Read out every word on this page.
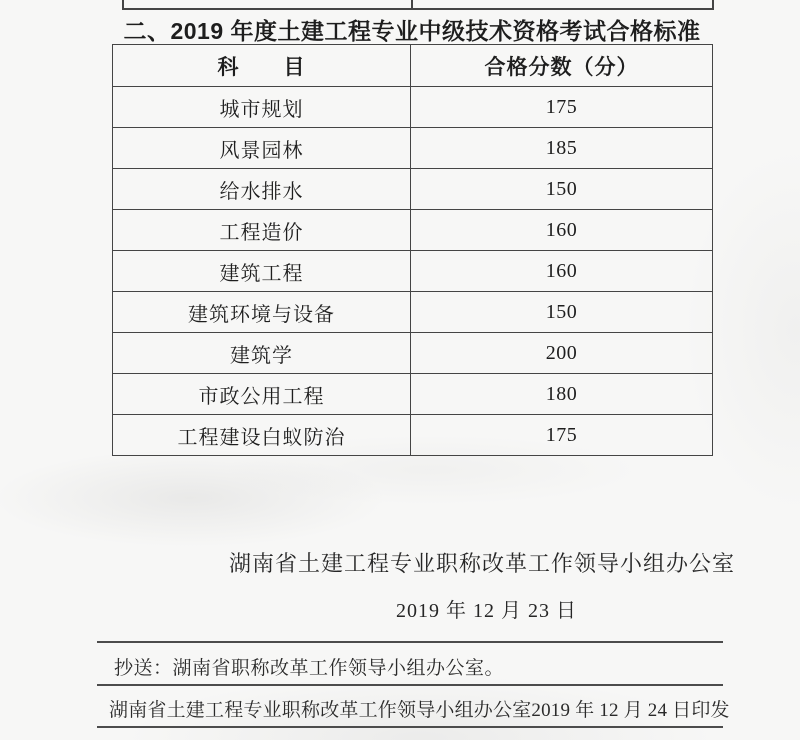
二、2019 年度土建工程专业中级技术资格考试合格标准
科　　目	合格分数（分）
城市规划	175
风景园林	185
给水排水	150
工程造价	160
建筑工程	160
建筑环境与设备	150
建筑学	200
市政公用工程	180
工程建设白蚁防治	175
湖南省土建工程专业职称改革工作领导小组办公室
2019 年 12 月 23 日
抄送：湖南省职称改革工作领导小组办公室。
湖南省土建工程专业职称改革工作领导小组办公室 2019 年 12 月 24 日印发
